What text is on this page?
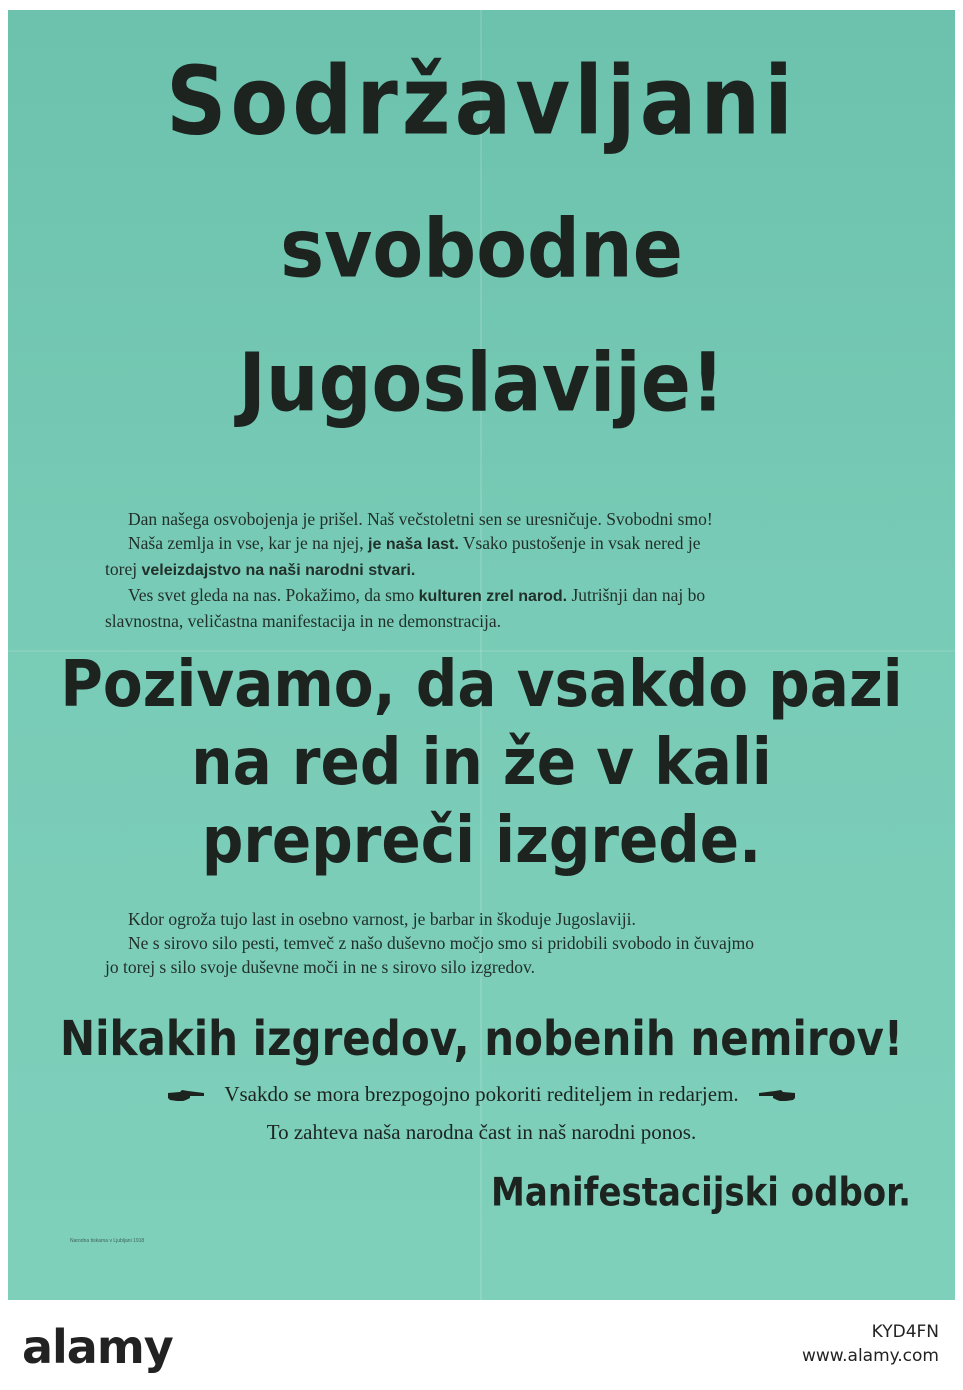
Sodržavljani
svobodne
Jugoslavije!
Dan našega osvobojenja je prišel. Naš večstoletni sen se uresničuje. Svobodni smo!
Naša zemlja in vse, kar je na njej, je naša last. Vsako pustošenje in vsak nered je
torej veleizdajstvo na naši narodni stvari.
Ves svet gleda na nas. Pokažimo, da smo kulturen zrel narod. Jutrišnji dan naj bo
slavnostna, veličastna manifestacija in ne demonstracija.
Pozivamo, da vsakdo pazi
na red in že v kali
prepreči izgrede.
Kdor ogroža tujo last in osebno varnost, je barbar in škoduje Jugoslaviji.
Ne s sirovo silo pesti, temveč z našo duševno močjo smo si pridobili svobodo in čuvajmo
jo torej s silo svoje duševne moči in ne s sirovo silo izgredov.
Nikakih izgredov, nobenih nemirov!
Vsakdo se mora brezpogojno pokoriti rediteljem in redarjem.
To zahteva naša narodna čast in naš narodni ponos.

Manifestacijski odbor.

Narodna tiskarna v Ljubljani 1918

alamy	KYD4FN
www.alamy.com
